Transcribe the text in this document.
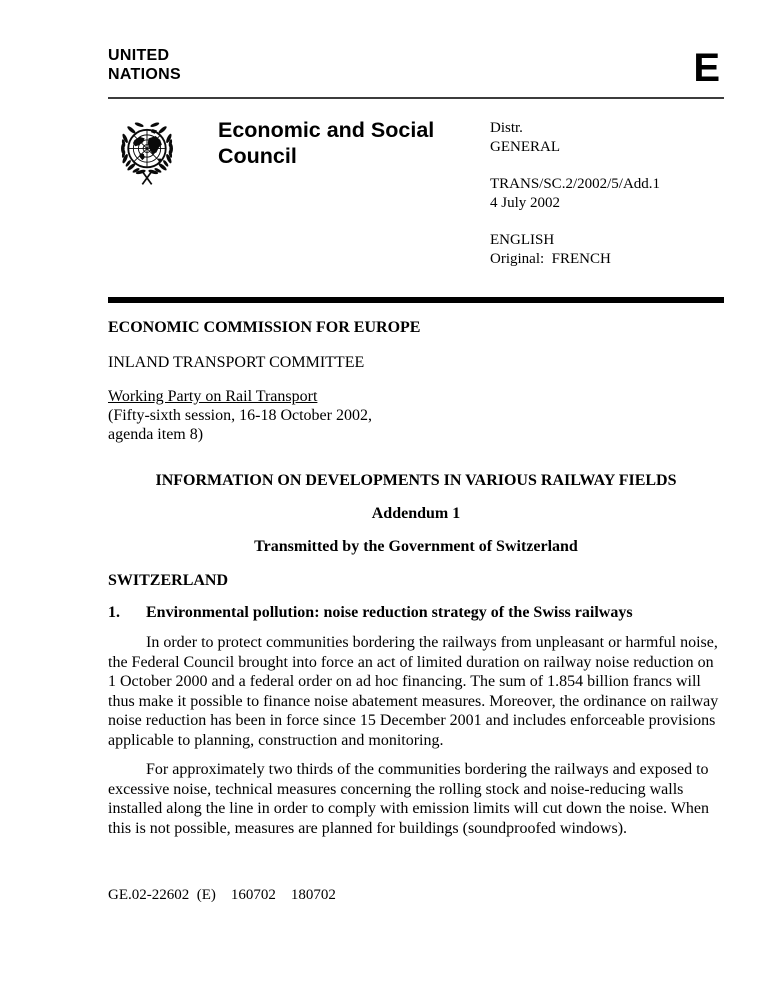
UNITED
NATIONS	E
Economic and Social
Council
Distr.
GENERAL
TRANS/SC.2/2002/5/Add.1
4 July 2002
ENGLISH
Original:  FRENCH
ECONOMIC COMMISSION FOR EUROPE
INLAND TRANSPORT COMMITTEE
Working Party on Rail Transport
(Fifty-sixth session, 16-18 October 2002,
agenda item 8)
INFORMATION ON DEVELOPMENTS IN VARIOUS RAILWAY FIELDS
Addendum 1
Transmitted by the Government of Switzerland
SWITZERLAND
1.	Environmental pollution: noise reduction strategy of the Swiss railways

In order to protect communities bordering the railways from unpleasant or harmful noise, the Federal Council brought into force an act of limited duration on railway noise reduction on 1 October 2000 and a federal order on ad hoc financing. The sum of 1.854 billion francs will thus make it possible to finance noise abatement measures. Moreover, the ordinance on railway noise reduction has been in force since 15 December 2001 and includes enforceable provisions applicable to planning, construction and monitoring.

For approximately two thirds of the communities bordering the railways and exposed to excessive noise, technical measures concerning the rolling stock and noise-reducing walls installed along the line in order to comply with emission limits will cut down the noise. When this is not possible, measures are planned for buildings (soundproofed windows).

GE.02-22602  (E)    160702    180702
